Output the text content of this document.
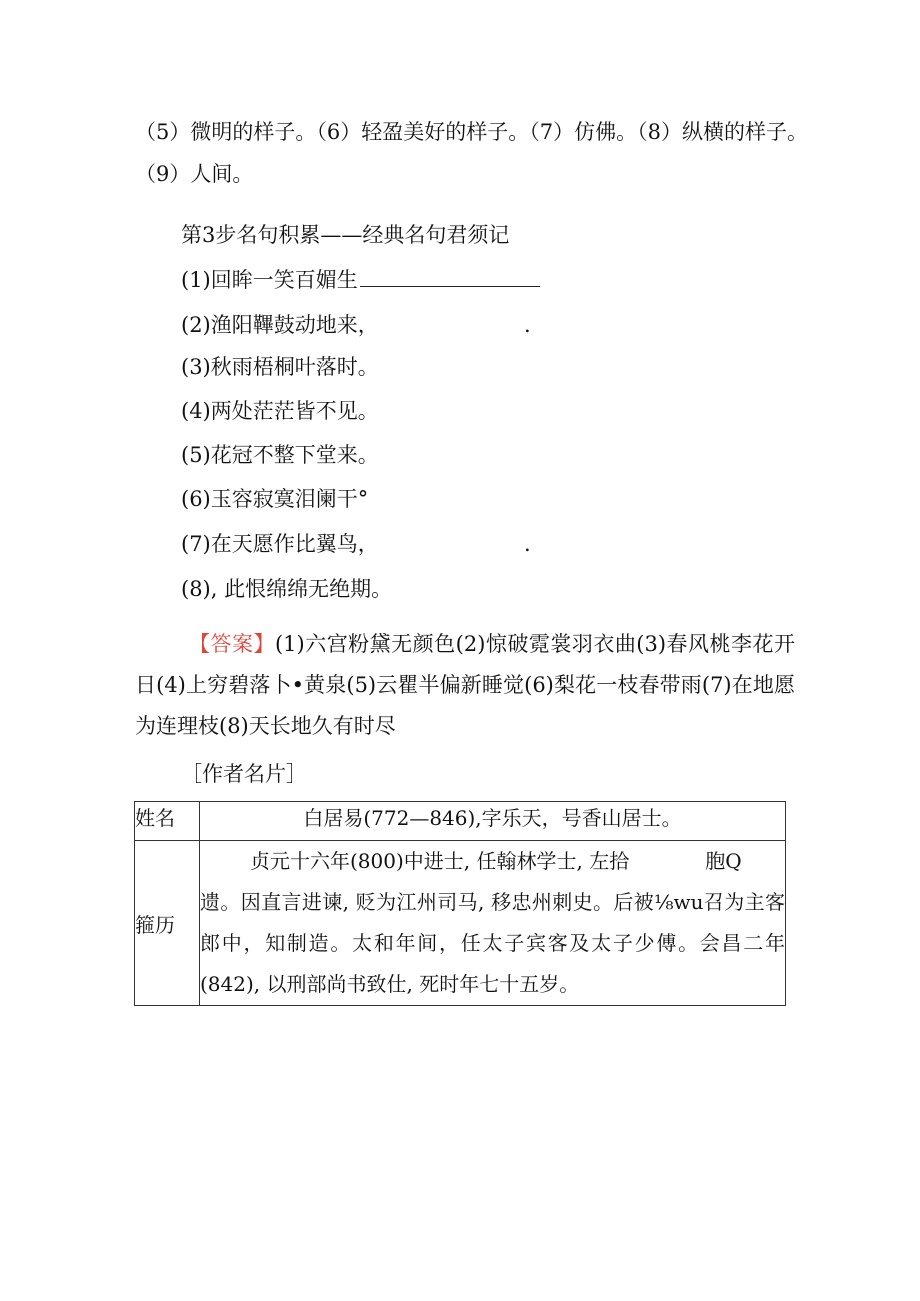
（5）微明的样子。（6）轻盈美好的样子。（7）仿佛。（8）纵横的样子。
（9）人间。
第3步名句积累——经典名句君须记
(1)回眸一笑百媚生
(2)渔阳鞸鼓动地来，	.
(3)秋雨梧桐叶落时。
(4)两处茫茫皆不见。
(5)花冠不整下堂来。
(6)玉容寂寞泪阑干°
(7)在天愿作比翼鸟，	.
(8), 此恨绵绵无绝期。
【答案】(1)六宫粉黛无颜色(2)惊破霓裳羽衣曲(3)春风桃李花开日(4)上穷碧落卜•黄泉(5)云瞿半偏新睡觉(6)梨花一枝春带雨(7)在地愿为连理枝(8)天长地久有时尽
［作者名片］
姓名	白居易(772—846),字乐天，号香山居士。
箍历	贞元十六年(800)中进士, 任翰林学士, 左拾 胞Q
遗。因直言进谏, 贬为江州司马, 移忠州刺史。后被⅛wu召为主客郎中，知制造。太和年间，任太子宾客及太子少傅。会昌二年(842), 以刑部尚书致仕, 死时年七十五岁。
